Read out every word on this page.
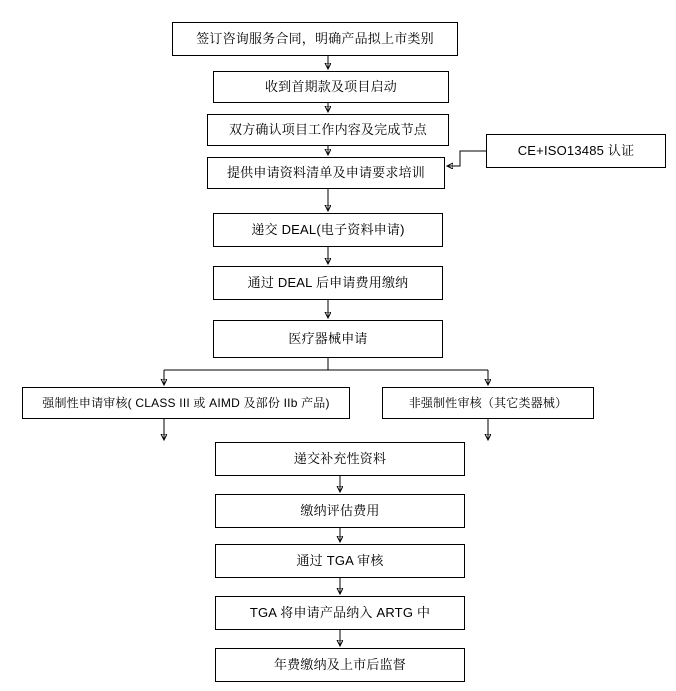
签订咨询服务合同，明确产品拟上市类别
收到首期款及项目启动
双方确认项目工作内容及完成节点
提供申请资料清单及申请要求培训
递交 DEAL(电子资料申请)
通过 DEAL 后申请费用缴纳
医疗器械申请
强制性申请审核( CLASS III 或 AIMD 及部份 IIb 产品)	非强制性审核（其它类器械）
递交补充性资料
缴纳评估费用
通过 TGA 审核
TGA 将申请产品纳入 ARTG 中
年费缴纳及上市后监督
CE+ISO13485 认证
